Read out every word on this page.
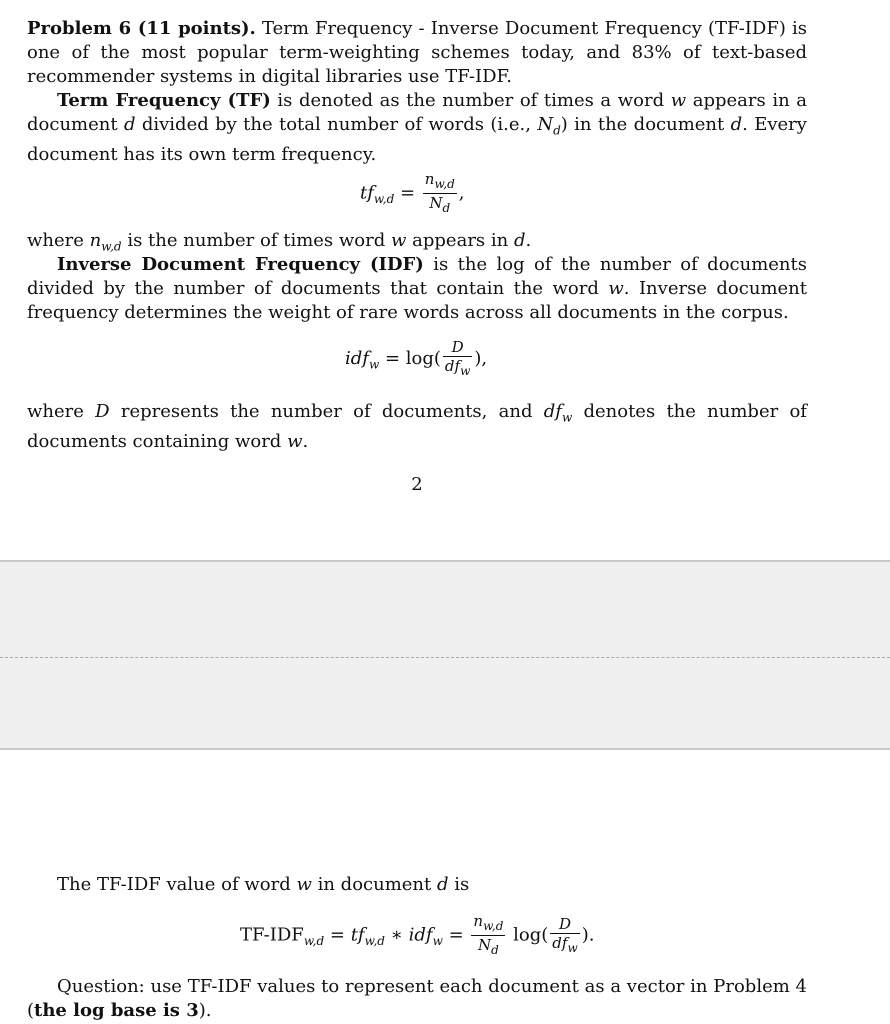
Problem 6 (11 points). Term Frequency - Inverse Document Frequency (TF-IDF) is one of the most popular term-weighting schemes today, and 83% of text-based recommender systems in digital libraries use TF-IDF.

Term Frequency (TF) is denoted as the number of times a word w appears in a document d divided by the total number of words (i.e., $N_d$) in the document d. Every document has its own term frequency.

$tf_{w,d} = \frac{n_{w,d}}{N_d}$ ,

where $n_{w,d}$ is the number of times word w appears in d.

Inverse Document Frequency (IDF) is the log of the number of documents divided by the number of documents that contain the word w. Inverse document frequency determines the weight of rare words across all documents in the corpus.

$idf_w = \log( \frac{D}{df_w}$ ),

where D represents the number of documents, and $df_w$ denotes the number of documents containing word w.

2

The TF-IDF value of word w in document d is

$TF-IDF_{w,d} = tf_{w,d}$ ∗ $idf_w = \frac{n_{w,d}}{N_d} \log( \frac{D}{df_w}$ ).

Question: use TF-IDF values to represent each document as a vector in Problem 4 (the log base is 3).
